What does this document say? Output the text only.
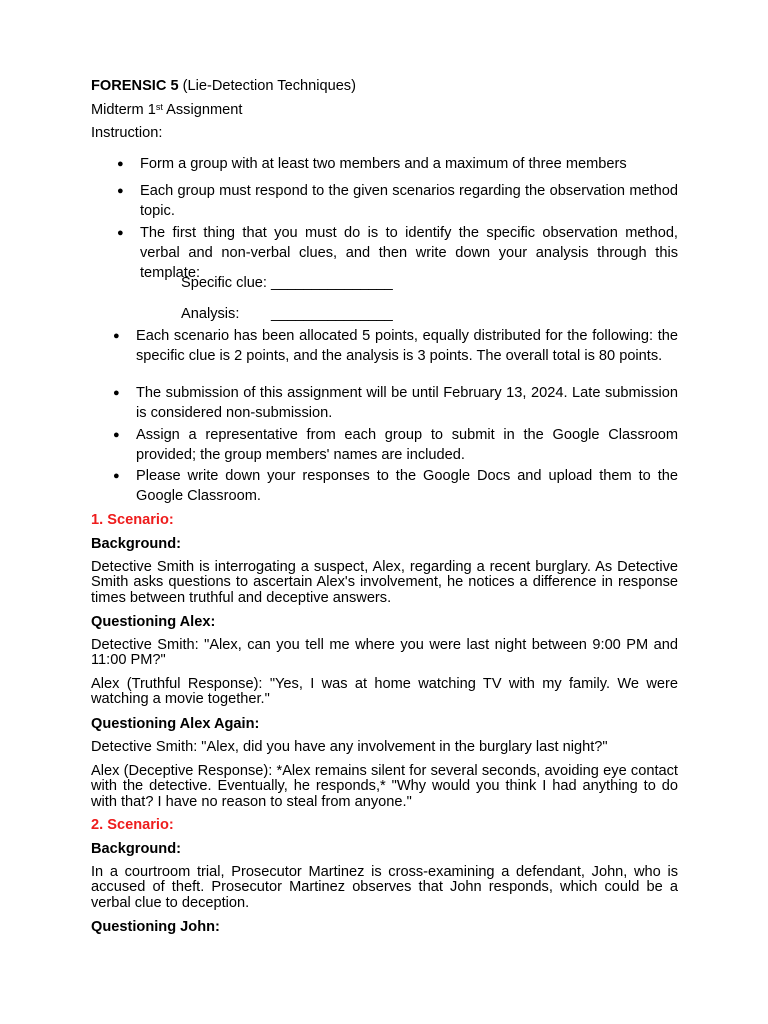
FORENSIC 5 (Lie-Detection Techniques)

Midterm 1st Assignment

Instruction:

● Form a group with at least two members and a maximum of three members

● Each group must respond to the given scenarios regarding the observation method topic.

● The first thing that you must do is to identify the specific observation method, verbal and non-verbal clues, and then write down your analysis through this template:

Specific clue: _______________

Analysis: _______________

● Each scenario has been allocated 5 points, equally distributed for the following: the specific clue is 2 points, and the analysis is 3 points. The overall total is 80 points.

● The submission of this assignment will be until February 13, 2024. Late submission is considered non-submission.

● Assign a representative from each group to submit in the Google Classroom provided; the group members' names are included.

● Please write down your responses to the Google Docs and upload them to the Google Classroom.

1. Scenario:

Background:

Detective Smith is interrogating a suspect, Alex, regarding a recent burglary. As Detective Smith asks questions to ascertain Alex's involvement, he notices a difference in response times between truthful and deceptive answers.

Questioning Alex:

Detective Smith: "Alex, can you tell me where you were last night between 9:00 PM and 11:00 PM?"

Alex (Truthful Response): "Yes, I was at home watching TV with my family. We were watching a movie together."

Questioning Alex Again:

Detective Smith: "Alex, did you have any involvement in the burglary last night?"

Alex (Deceptive Response): *Alex remains silent for several seconds, avoiding eye contact with the detective. Eventually, he responds,* "Why would you think I had anything to do with that? I have no reason to steal from anyone."

2. Scenario:

Background:

In a courtroom trial, Prosecutor Martinez is cross-examining a defendant, John, who is accused of theft. Prosecutor Martinez observes that John responds, which could be a verbal clue to deception.

Questioning John:
